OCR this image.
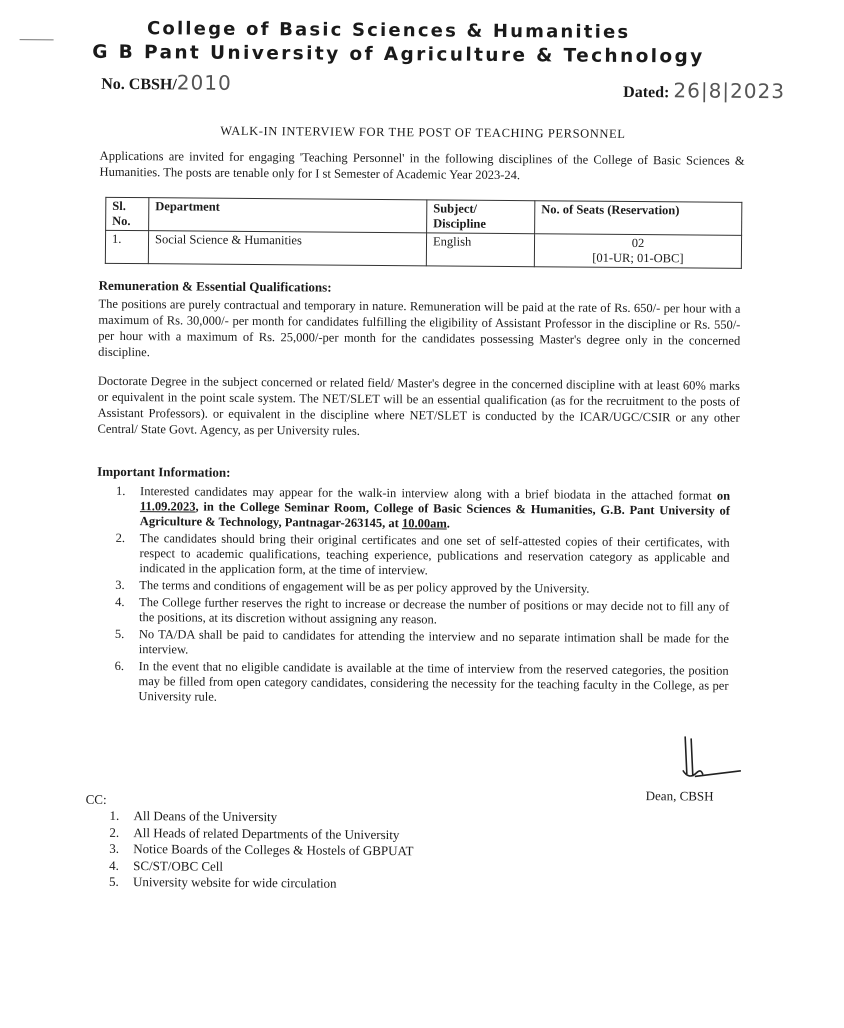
College of Basic Sciences & Humanities
G B Pant University of Agriculture & Technology
No. CBSH/2010	Dated: 26|8|2023
WALK-IN INTERVIEW FOR THE POST OF TEACHING PERSONNEL
Applications are invited for engaging 'Teaching Personnel' in the following disciplines of the College of Basic Sciences & Humanities. The posts are tenable only for I st Semester of Academic Year 2023-24.
Sl. No.	Department	Subject/ Discipline	No. of Seats (Reservation)
1.	Social Science & Humanities	English	02
[01-UR; 01-OBC]
Remuneration & Essential Qualifications:
The positions are purely contractual and temporary in nature. Remuneration will be paid at the rate of Rs. 650/- per hour with a maximum of Rs. 30,000/- per month for candidates fulfilling the eligibility of Assistant Professor in the discipline or Rs. 550/- per hour with a maximum of Rs. 25,000/-per month for the candidates possessing Master's degree only in the concerned discipline.
Doctorate Degree in the subject concerned or related field/ Master's degree in the concerned discipline with at least 60% marks or equivalent in the point scale system. The NET/SLET will be an essential qualification (as for the recruitment to the posts of Assistant Professors). or equivalent in the discipline where NET/SLET is conducted by the ICAR/UGC/CSIR or any other Central/ State Govt. Agency, as per University rules.
Important Information:
1. Interested candidates may appear for the walk-in interview along with a brief biodata in the attached format on 11.09.2023, in the College Seminar Room, College of Basic Sciences & Humanities, G.B. Pant University of Agriculture & Technology, Pantnagar-263145, at 10.00am.
2. The candidates should bring their original certificates and one set of self-attested copies of their certificates, with respect to academic qualifications, teaching experience, publications and reservation category as applicable and indicated in the application form, at the time of interview.
3. The terms and conditions of engagement will be as per policy approved by the University.
4. The College further reserves the right to increase or decrease the number of positions or may decide not to fill any of the positions, at its discretion without assigning any reason.
5. No TA/DA shall be paid to candidates for attending the interview and no separate intimation shall be made for the interview.
6. In the event that no eligible candidate is available at the time of interview from the reserved categories, the position may be filled from open category candidates, considering the necessity for the teaching faculty in the College, as per University rule.
Dean, CBSH
CC:
1. All Deans of the University
2. All Heads of related Departments of the University
3. Notice Boards of the Colleges & Hostels of GBPUAT
4. SC/ST/OBC Cell
5. University website for wide circulation
